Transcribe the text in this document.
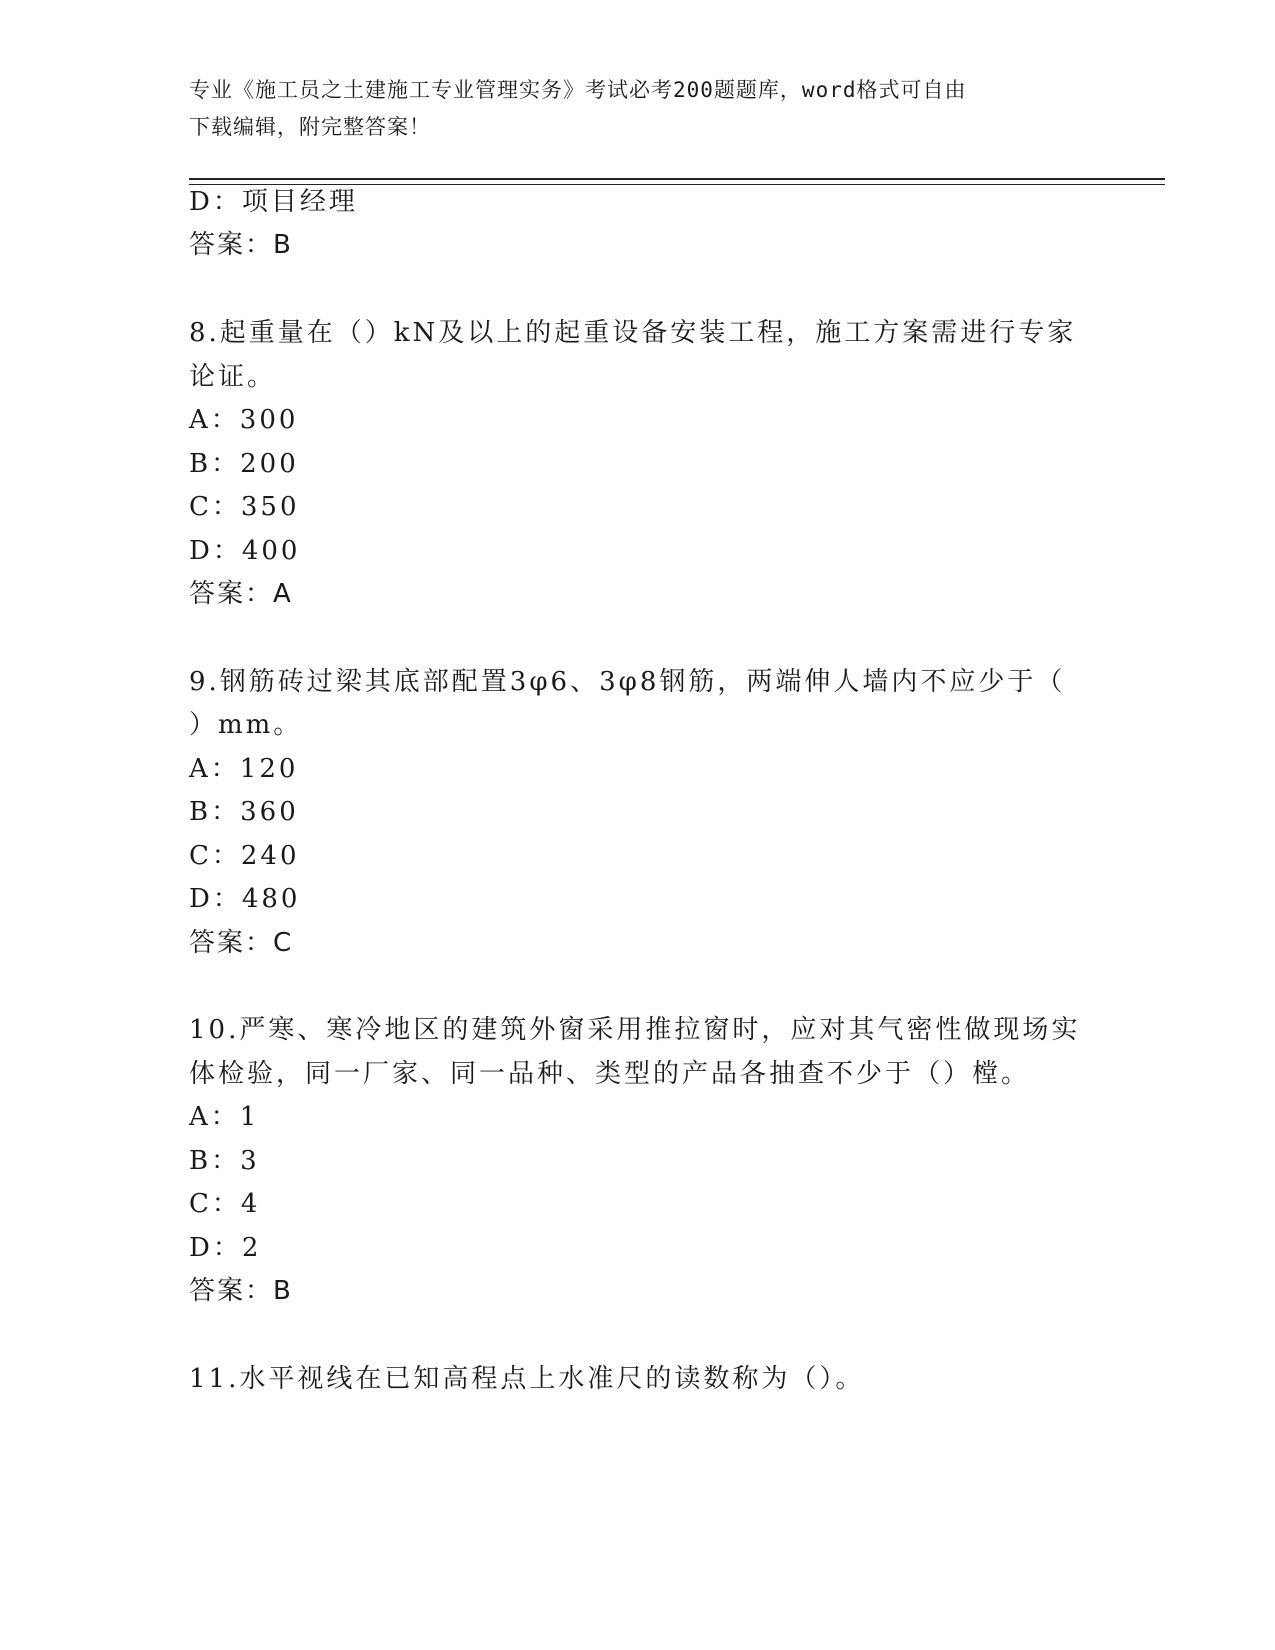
专业《施工员之土建施工专业管理实务》考试必考200题题库，word格式可自由
下载编辑，附完整答案！
D：项目经理
答案：B
8.起重量在（）kN及以上的起重设备安装工程，施工方案需进行专家
论证。
A：300
B：200
C：350
D：400
答案：A
9.钢筋砖过梁其底部配置3φ6、3φ8钢筋，两端伸人墙内不应少于（
）mm。
A：120
B：360
C：240
D：480
答案：C
10.严寒、寒冷地区的建筑外窗采用推拉窗时，应对其气密性做现场实
体检验，同一厂家、同一品种、类型的产品各抽查不少于（）樘。
A：1
B：3
C：4
D：2
答案：B
11.水平视线在已知高程点上水准尺的读数称为（）。
